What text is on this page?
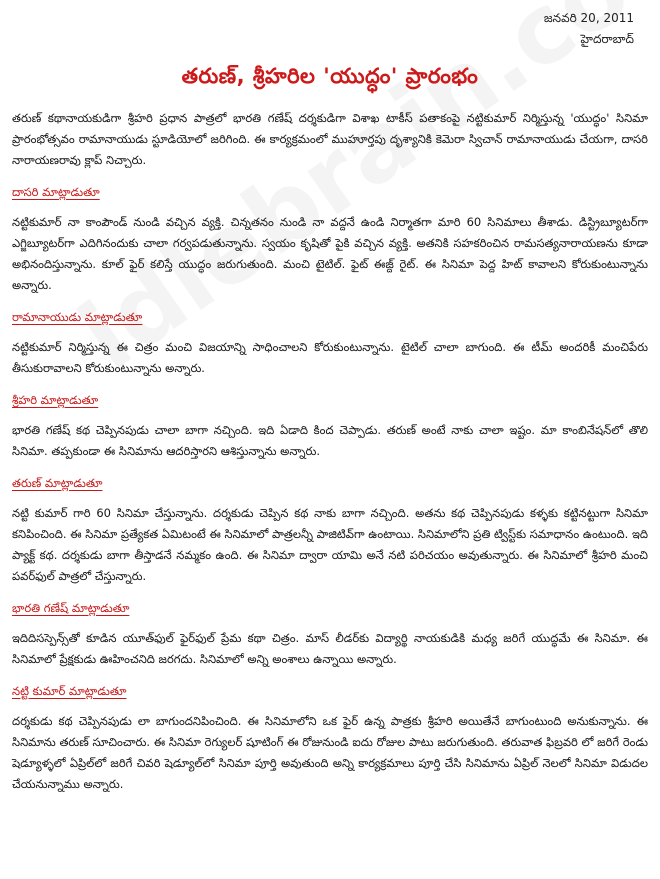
జనవరి 20, 2011
హైదరాబాద్
తరుణ్, శ్రీహరిల 'యుద్ధం' ప్రారంభం

తరుణ్ కథానాయకుడిగా శ్రీహరి ప్రధాన పాత్రలో భారతి గణేష్ దర్శకుడిగా విశాఖ టాకీస్ పతాకంపై నట్టికుమార్ నిర్మిస్తున్న 'యుద్ధం' సినిమా ప్రారంభోత్సవం రామానాయుడు స్టూడియోలో జరిగింది. ఈ కార్యక్రమంలో ముహూర్తపు దృశ్యానికి కెమెరా స్విచాన్ రామానాయుడు చేయగా, దాసరి నారాయణరావు క్లాప్ నిచ్చారు.

దాసరి మాట్లాడుతూ

నట్టికుమార్ నా కాంపౌండ్ నుండి వచ్చిన వ్యక్తి. చిన్నతనం నుండి నా వద్దనే ఉండి నిర్మాతగా మారి 60 సినిమాలు తీశాడు. డిస్ట్రిబ్యూటర్‌గా ఎగ్జిబ్యూటర్‌గా ఎదిగినందుకు చాలా గర్వపడుతున్నాను. స్వయం కృషితో పైకి వచ్చిన వ్యక్తి. అతనికి సహకరించిన రామసత్యనారాయణను కూడా అభినందిస్తున్నాను. కూల్ ఫైర్ కలిస్తే యుద్ధం జరుగుతుంది. మంచి టైటిల్. ఫైట్ ఈజ్ద్ రైట్. ఈ సినిమా పెద్ద హిట్ కావాలని కోరుకుంటున్నాను అన్నారు.

రామానాయుడు మాట్లాడుతూ

నట్టికుమార్ నిర్మిస్తున్న ఈ చిత్రం మంచి విజయాన్ని సాధించాలని కోరుకుంటున్నాను. టైటిల్ చాలా బాగుంది. ఈ టీమ్ అందరికీ మంచిపేరు తీసుకురావాలని కోరుకుంటున్నాను అన్నారు.

శ్రీహరి మాట్లాడుతూ

భారతి గణేష్ కథ చెప్పినపుడు చాలా బాగా నచ్చింది. ఇది ఏడాది కింద చెప్పాడు. తరుణ్ అంటే నాకు చాలా ఇష్టం. మా కాంబినేషన్‌లో తొలి సినిమా. తప్పకుండా ఈ సినిమాను ఆదరిస్తారని ఆశిస్తున్నాను అన్నారు.

తరుణ్ మాట్లాడుతూ

నట్టి కుమార్ గారి 60 సినిమా చేస్తున్నాను. దర్శకుడు చెప్పిన కథ నాకు బాగా నచ్చింది. అతను కథ చెప్పినపుడు కళ్ళకు కట్టినట్టుగా సినిమా కనిపించింది. ఈ సినిమా ప్రత్యేకత ఏమిటంటే ఈ సినిమాలో పాత్రలన్నీ పాజిటివ్‌గా ఉంటాయి. సినిమాలోని ప్రతి ట్విస్ట్‌కు సమాధానం ఉంటుంది. ఇది ప్యాక్ట్ కథ. దర్శకుడు బాగా తీస్తాడనే నమ్మకం ఉంది. ఈ సినిమా ద్వారా యామి అనే నటి పరిచయం అవుతున్నారు. ఈ సినిమాలో శ్రీహరి మంచి పవర్‌ఫుల్ పాత్రలో చేస్తున్నారు.

భారతి గణేష్ మాట్లాడుతూ

ఇదిదిసస్పెన్స్‌తో కూడిన యూత్‌ఫుల్ ఫైర్‌ఫుల్ ప్రేమ కథా చిత్రం. మాస్ లీడర్‌కు విద్యార్థి నాయకుడికి మధ్య జరిగే యుద్ధమే ఈ సినిమా. ఈ సినిమాలో ప్రేక్షకుడు ఊహించనిది జరగదు. సినిమాలో అన్ని అంశాలు ఉన్నాయి అన్నారు.

నట్టి కుమార్ మాట్లాడుతూ

దర్శకుడు కథ చెప్పినపుడు లా బాగుందనిపించింది. ఈ సినిమాలోని ఒక ఫైర్ ఉన్న పాత్రకు శ్రీహరి అయితేనే బాగుంటుంది అనుకున్నాను. ఈ సినిమాను తరుణ్ సూచించారు. ఈ సినిమా రెగ్యులర్ షూటింగ్ ఈ రోజునుండి ఐదు రోజుల పాటు జరుగుతుంది. తరువాత ఫిబ్రవరి లో జరిగే రెండు షెడ్యూళ్ళలో ఏప్రిల్‌లో జరిగే చివరి షెడ్యూల్‌లో సినిమా పూర్తి అవుతుంది అన్ని కార్యక్రమాలు పూర్తి చేసి సినిమాను ఏప్రిల్ నెలలో సినిమా విడుదల చేయనున్నాము అన్నారు.
